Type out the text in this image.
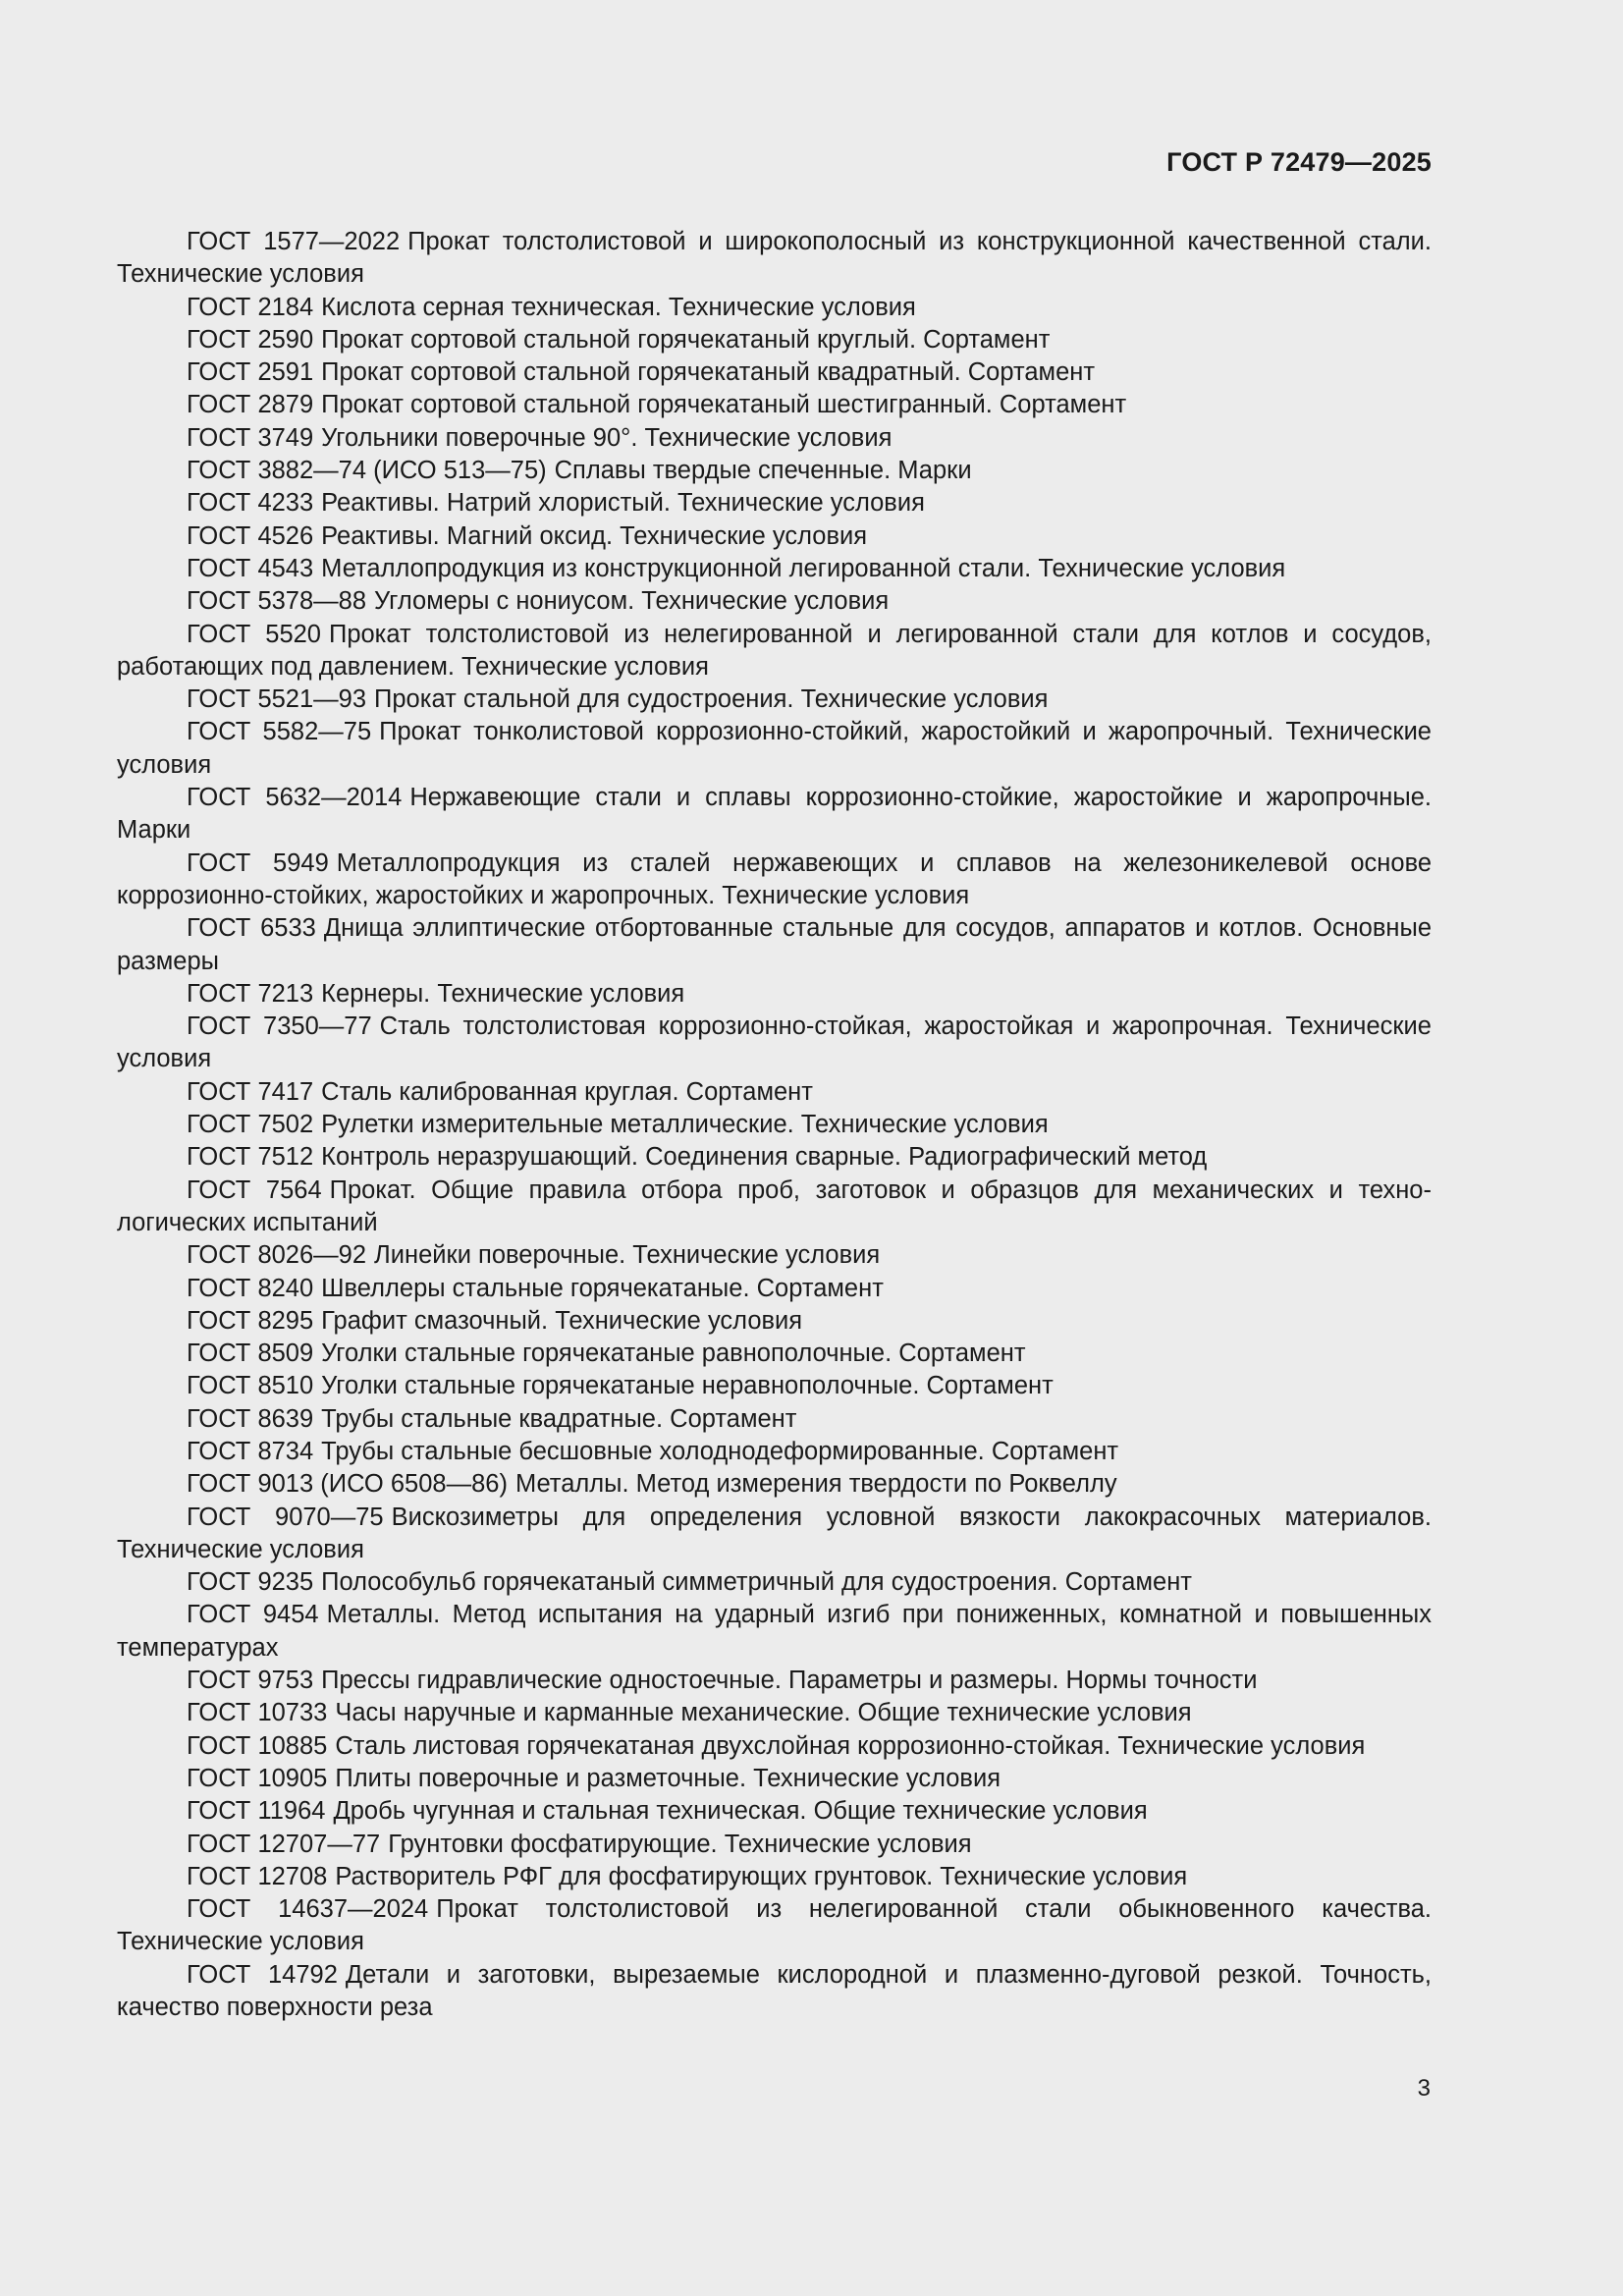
ГОСТ Р 72479—2025

ГОСТ 1577—2022 Прокат толстолистовой и широкополосный из конструкционной качественной стали. Технические условия

ГОСТ 2184 Кислота серная техническая. Технические условия

ГОСТ 2590 Прокат сортовой стальной горячекатаный круглый. Сортамент

ГОСТ 2591 Прокат сортовой стальной горячекатаный квадратный. Сортамент

ГОСТ 2879 Прокат сортовой стальной горячекатаный шестигранный. Сортамент

ГОСТ 3749 Угольники поверочные 90°. Технические условия

ГОСТ 3882—74 (ИСО 513—75) Сплавы твердые спеченные. Марки

ГОСТ 4233 Реактивы. Натрий хлористый. Технические условия

ГОСТ 4526 Реактивы. Магний оксид. Технические условия

ГОСТ 4543 Металлопродукция из конструкционной легированной стали. Технические условия

ГОСТ 5378—88 Угломеры с нониусом. Технические условия

ГОСТ 5520 Прокат толстолистовой из нелегированной и легированной стали для котлов и сосудов, работающих под давлением. Технические условия

ГОСТ 5521—93 Прокат стальной для судостроения. Технические условия

ГОСТ 5582—75 Прокат тонколистовой коррозионно-стойкий, жаростойкий и жаропрочный. Технические условия

ГОСТ 5632—2014 Нержавеющие стали и сплавы коррозионно-стойкие, жаростойкие и жаропрочные. Марки

ГОСТ 5949 Металлопродукция из сталей нержавеющих и сплавов на железоникелевой основе коррозионно-стойких, жаростойких и жаропрочных. Технические условия

ГОСТ 6533 Днища эллиптические отбортованные стальные для сосудов, аппаратов и котлов. Основные размеры

ГОСТ 7213 Кернеры. Технические условия

ГОСТ 7350—77 Сталь толстолистовая коррозионно-стойкая, жаростойкая и жаропрочная. Технические условия

ГОСТ 7417 Сталь калиброванная круглая. Сортамент

ГОСТ 7502 Рулетки измерительные металлические. Технические условия

ГОСТ 7512 Контроль неразрушающий. Соединения сварные. Радиографический метод

ГОСТ 7564 Прокат. Общие правила отбора проб, заготовок и образцов для механических и технологических испытаний

ГОСТ 8026—92 Линейки поверочные. Технические условия

ГОСТ 8240 Швеллеры стальные горячекатаные. Сортамент

ГОСТ 8295 Графит смазочный. Технические условия

ГОСТ 8509 Уголки стальные горячекатаные равнополочные. Сортамент

ГОСТ 8510 Уголки стальные горячекатаные неравнополочные. Сортамент

ГОСТ 8639 Трубы стальные квадратные. Сортамент

ГОСТ 8734 Трубы стальные бесшовные холоднодеформированные. Сортамент

ГОСТ 9013 (ИСО 6508—86) Металлы. Метод измерения твердости по Роквеллу

ГОСТ 9070—75 Вискозиметры для определения условной вязкости лакокрасочных материалов. Технические условия

ГОСТ 9235 Полособульб горячекатаный симметричный для судостроения. Сортамент

ГОСТ 9454 Металлы. Метод испытания на ударный изгиб при пониженных, комнатной и повышенных температурах

ГОСТ 9753 Прессы гидравлические одностоечные. Параметры и размеры. Нормы точности

ГОСТ 10733 Часы наручные и карманные механические. Общие технические условия

ГОСТ 10885 Сталь листовая горячекатаная двухслойная коррозионно-стойкая. Технические условия

ГОСТ 10905 Плиты поверочные и разметочные. Технические условия

ГОСТ 11964 Дробь чугунная и стальная техническая. Общие технические условия

ГОСТ 12707—77 Грунтовки фосфатирующие. Технические условия

ГОСТ 12708 Растворитель РФГ для фосфатирующих грунтовок. Технические условия

ГОСТ 14637—2024 Прокат толстолистовой из нелегированной стали обыкновенного качества. Технические условия

ГОСТ 14792 Детали и заготовки, вырезаемые кислородной и плазменно-дуговой резкой. Точность, качество поверхности реза

3
